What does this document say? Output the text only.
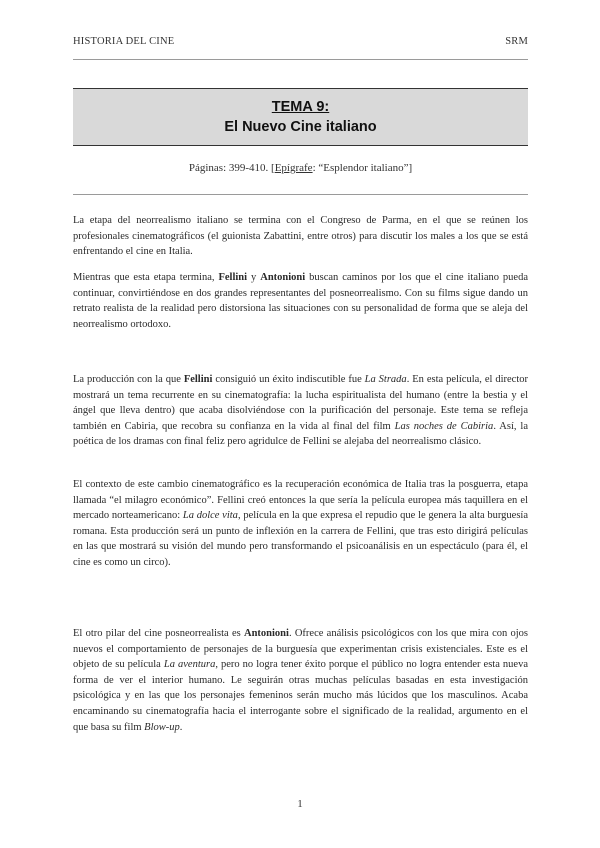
HISTORIA DEL CINE	SRM
TEMA 9:
El Nuevo Cine italiano
Páginas: 399-410. [Epígrafe: “Esplendor italiano”]

La etapa del neorrealismo italiano se termina con el Congreso de Parma, en el que se reúnen los profesionales cinematográficos (el guionista Zabattini, entre otros) para discutir los males a los que se está enfrentando el cine en Italia.

Mientras que esta etapa termina, Fellini y Antonioni buscan caminos por los que el cine italiano pueda continuar, convirtiéndose en dos grandes representantes del posneorrealismo. Con su films sigue dando un retrato realista de la realidad pero distorsiona las situaciones con su personalidad de forma que se aleja del neorrealismo ortodoxo.

La producción con la que Fellini consiguió un éxito indiscutible fue La Strada. En esta película, el director mostrará un tema recurrente en su cinematografía: la lucha espiritualista del humano (entre la bestia y el ángel que lleva dentro) que acaba disolviéndose con la purificación del personaje. Este tema se refleja también en Cabiria, que recobra su confianza en la vida al final del film Las noches de Cabiria. Así, la poética de los dramas con final feliz pero agridulce de Fellini se alejaba del neorrealismo clásico.

El contexto de este cambio cinematográfico es la recuperación económica de Italia tras la posguerra, etapa llamada “el milagro económico”. Fellini creó entonces la que sería la película europea más taquillera en el mercado norteamericano: La dolce vita, película en la que expresa el repudio que le genera la alta burguesía romana. Esta producción será un punto de inflexión en la carrera de Fellini, que tras esto dirigirá películas en las que mostrará su visión del mundo pero transformando el psicoanálisis en un espectáculo (para él, el cine es como un circo).

El otro pilar del cine posneorrealista es Antonioni. Ofrece análisis psicológicos con los que mira con ojos nuevos el comportamiento de personajes de la burguesía que experimentan crisis existenciales. Este es el objeto de su película La aventura, pero no logra tener éxito porque el público no logra entender esta nueva forma de ver el interior humano. Le seguirán otras muchas películas basadas en esta investigación psicológica y en las que los personajes femeninos serán mucho más lúcidos que los masculinos. Acaba encaminando su cinematografía hacia el interrogante sobre el significado de la realidad, argumento en el que basa su film Blow-up.

1
